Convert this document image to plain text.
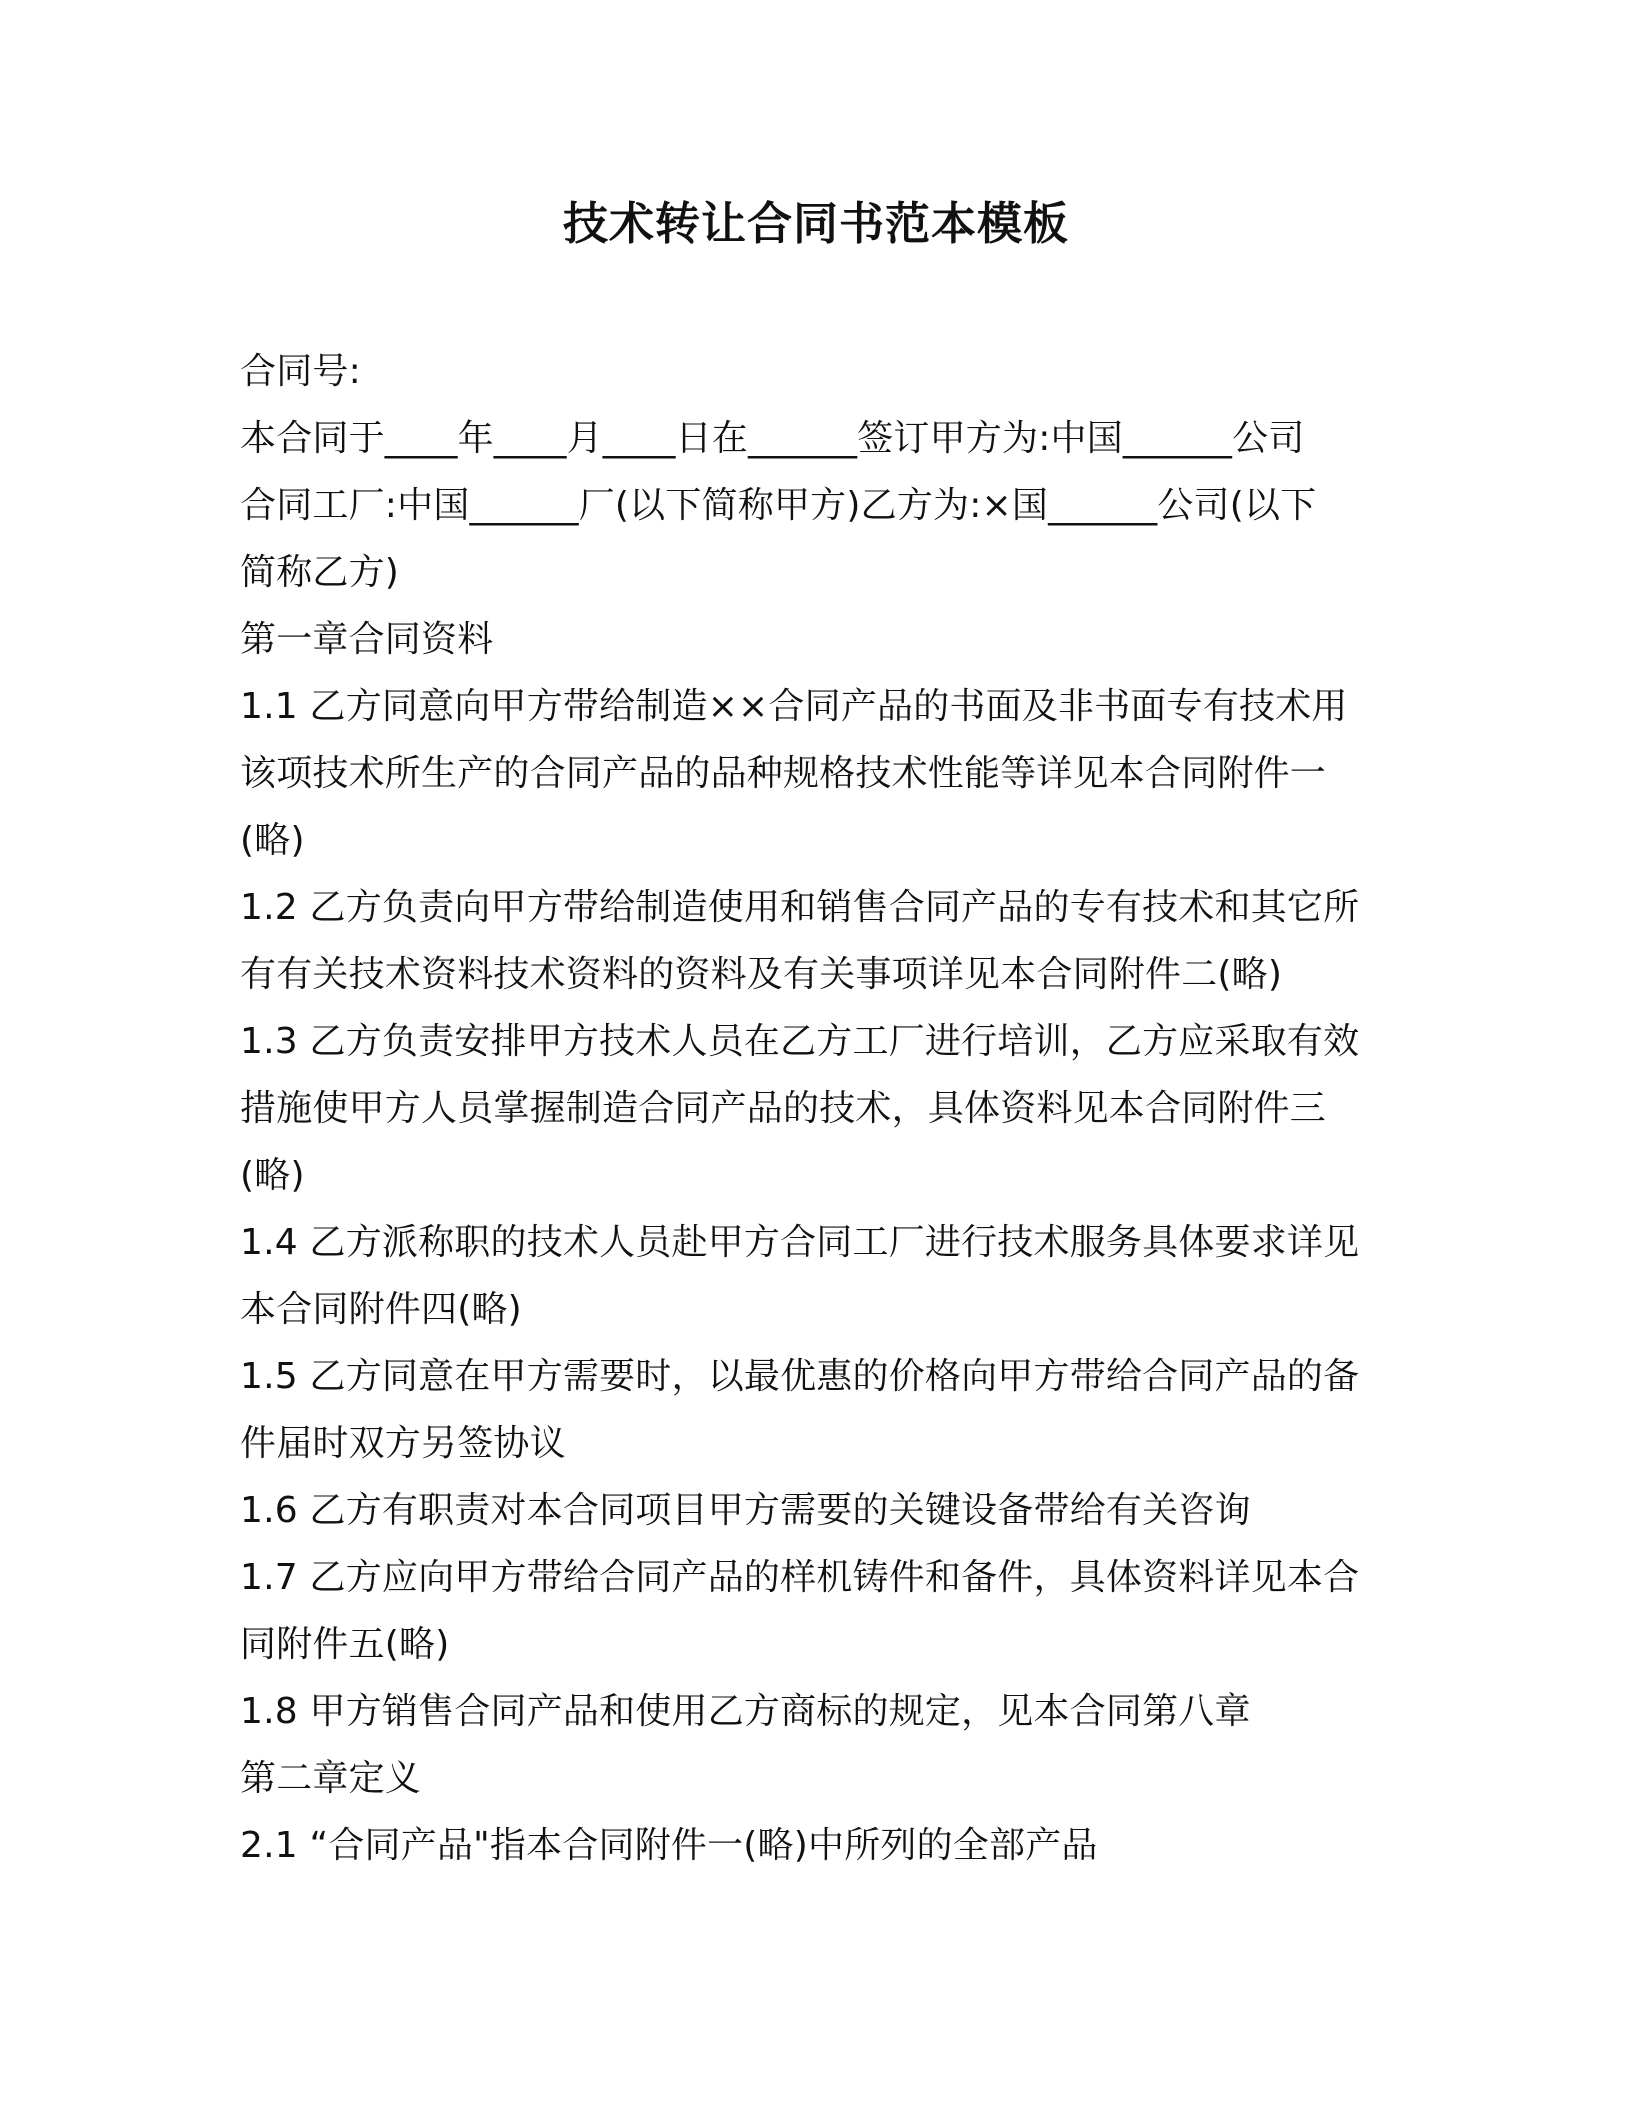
技术转让合同书范本模板
合同号:
本合同于____年____月____日在______签订甲方为:中国______公司
合同工厂:中国______厂(以下简称甲方)乙方为:×国______公司(以下
简称乙方)
第一章合同资料
1.1 乙方同意向甲方带给制造××合同产品的书面及非书面专有技术用
该项技术所生产的合同产品的品种规格技术性能等详见本合同附件一
(略)
1.2 乙方负责向甲方带给制造使用和销售合同产品的专有技术和其它所
有有关技术资料技术资料的资料及有关事项详见本合同附件二(略)
1.3 乙方负责安排甲方技术人员在乙方工厂进行培训，乙方应采取有效
措施使甲方人员掌握制造合同产品的技术，具体资料见本合同附件三
(略)
1.4 乙方派称职的技术人员赴甲方合同工厂进行技术服务具体要求详见
本合同附件四(略)
1.5 乙方同意在甲方需要时，以最优惠的价格向甲方带给合同产品的备
件届时双方另签协议
1.6 乙方有职责对本合同项目甲方需要的关键设备带给有关咨询
1.7 乙方应向甲方带给合同产品的样机铸件和备件，具体资料详见本合
同附件五(略)
1.8 甲方销售合同产品和使用乙方商标的规定，见本合同第八章
第二章定义
2.1 “合同产品"指本合同附件一(略)中所列的全部产品
